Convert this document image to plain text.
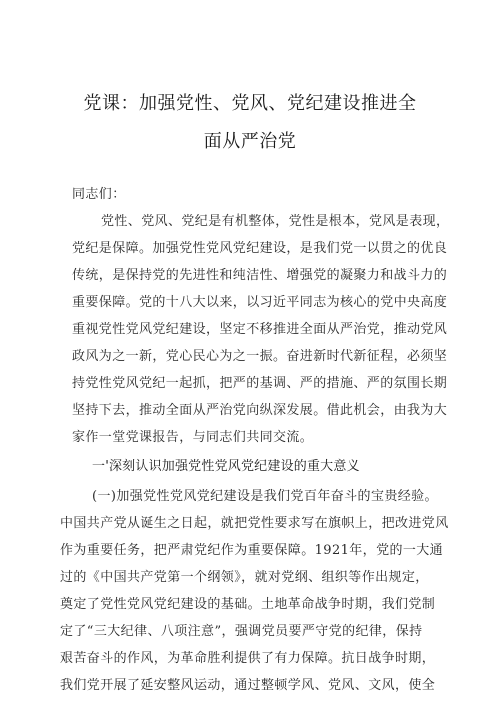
党课：加强党性、党风、党纪建设推进全
面从严治党
同志们：
党性、党风、党纪是有机整体，党性是根本，党风是表现，
党纪是保障。加强党性党风党纪建设，是我们党一以贯之的优良
传统，是保持党的先进性和纯洁性、增强党的凝聚力和战斗力的
重要保障。党的十八大以来，以习近平同志为核心的党中央高度
重视党性党风党纪建设，坚定不移推进全面从严治党，推动党风
政风为之一新，党心民心为之一振。奋进新时代新征程，必须坚
持党性党风党纪一起抓，把严的基调、严的措施、严的氛围长期
坚持下去，推动全面从严治党向纵深发展。借此机会，由我为大
家作一堂党课报告，与同志们共同交流。
一'深刻认识加强党性党风党纪建设的重大意义
(一)加强党性党风党纪建设是我们党百年奋斗的宝贵经验。
中国共产党从诞生之日起，就把党性要求写在旗帜上，把改进党风
作为重要任务，把严肃党纪作为重要保障。1921年，党的一大通
过的《中国共产党第一个纲领》，就对党纲、组织等作出规定，
奠定了党性党风党纪建设的基础。土地革命战争时期，我们党制
定了“三大纪律、八项注意”，强调党员要严守党的纪律，保持
艰苦奋斗的作风，为革命胜利提供了有力保障。抗日战争时期，
我们党开展了延安整风运动，通过整顿学风、党风、文风，使全
